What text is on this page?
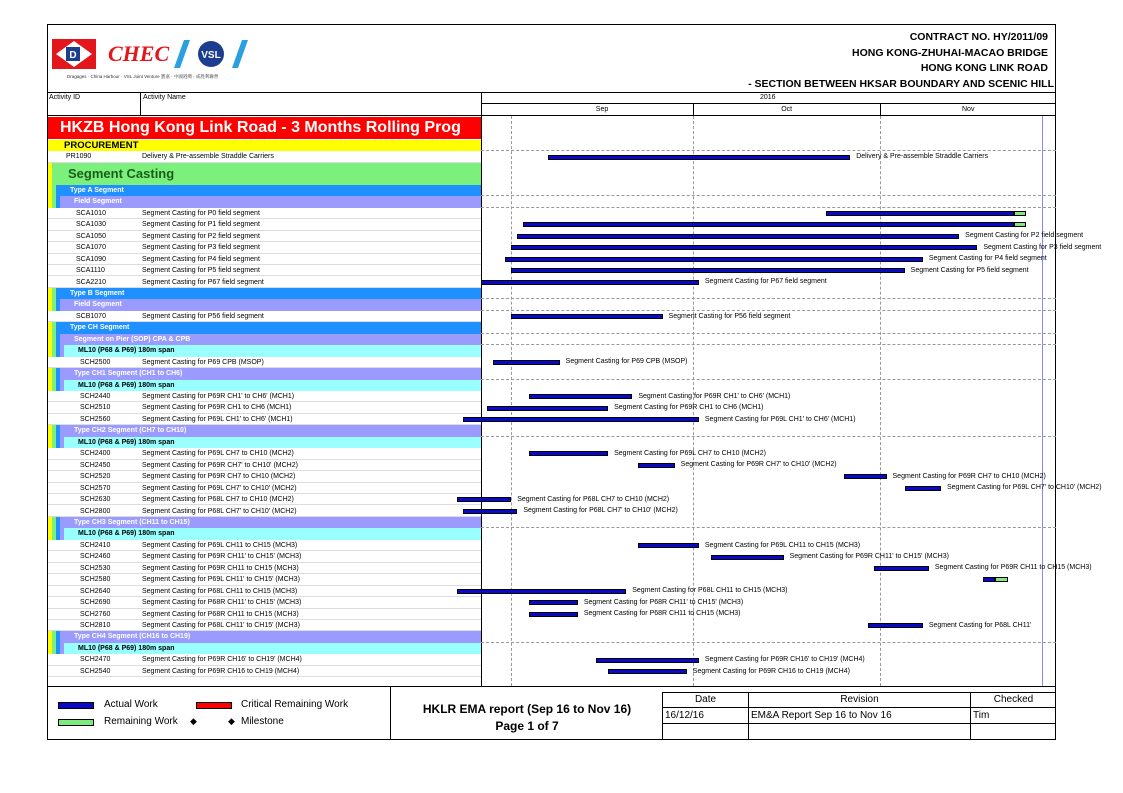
D CHEC	VSL
Dragages · China Harbour · VSL Joint Venture 寶嘉 · 中國港灣 · 威胜利聯營
CONTRACT NO. HY/2011/09
HONG KONG-ZHUHAI-MACAO BRIDGE
HONG KONG LINK ROAD
- SECTION BETWEEN HKSAR BOUNDARY AND SCENIC HILL
Activity ID	Activity Name	2016
Sep	Oct	Nov
HKZB Hong Kong Link Road - 3 Months Rolling Prog
PROCUREMENT
PR1090	Delivery & Pre-assemble Straddle Carriers
Segment Casting
Type A Segment
Field Segment
SCA1010	Segment Casting for P0 field segment
SCA1030	Segment Casting for P1 field segment
SCA1050	Segment Casting for P2 field segment
SCA1070	Segment Casting for P3 field segment
SCA1090	Segment Casting for P4 field segment
SCA1110	Segment Casting for P5 field segment
SCA2210	Segment Casting for P67 field segment
Type B Segment
Field Segment
SCB1070	Segment Casting for P56 field segment
Type CH Segment
Segment on Pier (SOP) CPA & CPB
ML10 (P68 & P69) 180m span
SCH2500	Segment Casting for P69 CPB (MSOP)
Type CH1 Segment (CH1 to CH6)
ML10 (P68 & P69) 180m span
SCH2440	Segment Casting for P69R CH1' to CH6' (MCH1)
SCH2510	Segment Casting for P69R CH1 to CH6 (MCH1)
SCH2560	Segment Casting for P69L CH1' to CH6' (MCH1)
Type CH2 Segment (CH7 to CH10)
ML10 (P68 & P69) 180m span
SCH2400	Segment Casting for P69L CH7 to CH10 (MCH2)
SCH2450	Segment Casting for P69R CH7' to CH10' (MCH2)
SCH2520	Segment Casting for P69R CH7 to CH10 (MCH2)
SCH2570	Segment Casting for P69L CH7' to CH10' (MCH2)
SCH2630	Segment Casting for P68L CH7 to CH10 (MCH2)
SCH2800	Segment Casting for P68L CH7' to CH10' (MCH2)
Type CH3 Segment (CH11 to CH15)
ML10 (P68 & P69) 180m span
SCH2410	Segment Casting for P69L CH11 to CH15 (MCH3)
SCH2460	Segment Casting for P69R CH11' to CH15' (MCH3)
SCH2530	Segment Casting for P69R CH11 to CH15 (MCH3)
SCH2580	Segment Casting for P69L CH11' to CH15' (MCH3)
SCH2640	Segment Casting for P68L CH11 to CH15 (MCH3)
SCH2690	Segment Casting for P68R CH11' to CH15' (MCH3)
SCH2760	Segment Casting for P68R CH11 to CH15 (MCH3)
SCH2810	Segment Casting for P68L CH11' to CH15' (MCH3)
Type CH4 Segment (CH16 to CH19)
ML10 (P68 & P69) 180m span
SCH2470	Segment Casting for P69R CH16' to CH19' (MCH4)
SCH2540	Segment Casting for P69R CH16 to CH19 (MCH4)
Delivery & Pre-assemble Straddle Carriers
Segment Casting for P2 field segment
Segment Casting for P3 field segment
Segment Casting for P4 field segment
Segment Casting for P5 field segment
Segment Casting for P67 field segment
Segment Casting for P56 field segment
Segment Casting for P69 CPB (MSOP)
Segment Casting for P69R CH1' to CH6' (MCH1)
Segment Casting for P69R CH1 to CH6 (MCH1)
Segment Casting for P69L CH1' to CH6' (MCH1)
Segment Casting for P69L CH7 to CH10 (MCH2)
Segment Casting for P69R CH7' to CH10' (MCH2)
Segment Casting for P69R CH7 to CH10 (MCH2)
Segment Casting for P69L CH7' to CH10' (MCH2)
Segment Casting for P68L CH7 to CH10 (MCH2)
Segment Casting for P68L CH7' to CH10' (MCH2)
Segment Casting for P69L CH11 to CH15 (MCH3)
Segment Casting for P69R CH11' to CH15' (MCH3)
Segment Casting for P69R CH11 to CH15 (MCH3)
Segment Casting for P68L CH11 to CH15 (MCH3)
Segment Casting for P68R CH11' to CH15' (MCH3)
Segment Casting for P68R CH11 to CH15 (MCH3)
Segment Casting for P68L CH11'
Segment Casting for P69R CH16' to CH19' (MCH4)
Segment Casting for P69R CH16 to CH19 (MCH4)
Actual Work	Critical Remaining Work
Remaining Work ◆	◆ Milestone
HKLR EMA report (Sep 16 to Nov 16)
Page 1 of 7
Date	Revision	Checked
16/12/16	EM&A Report Sep 16 to Nov 16	Tim
